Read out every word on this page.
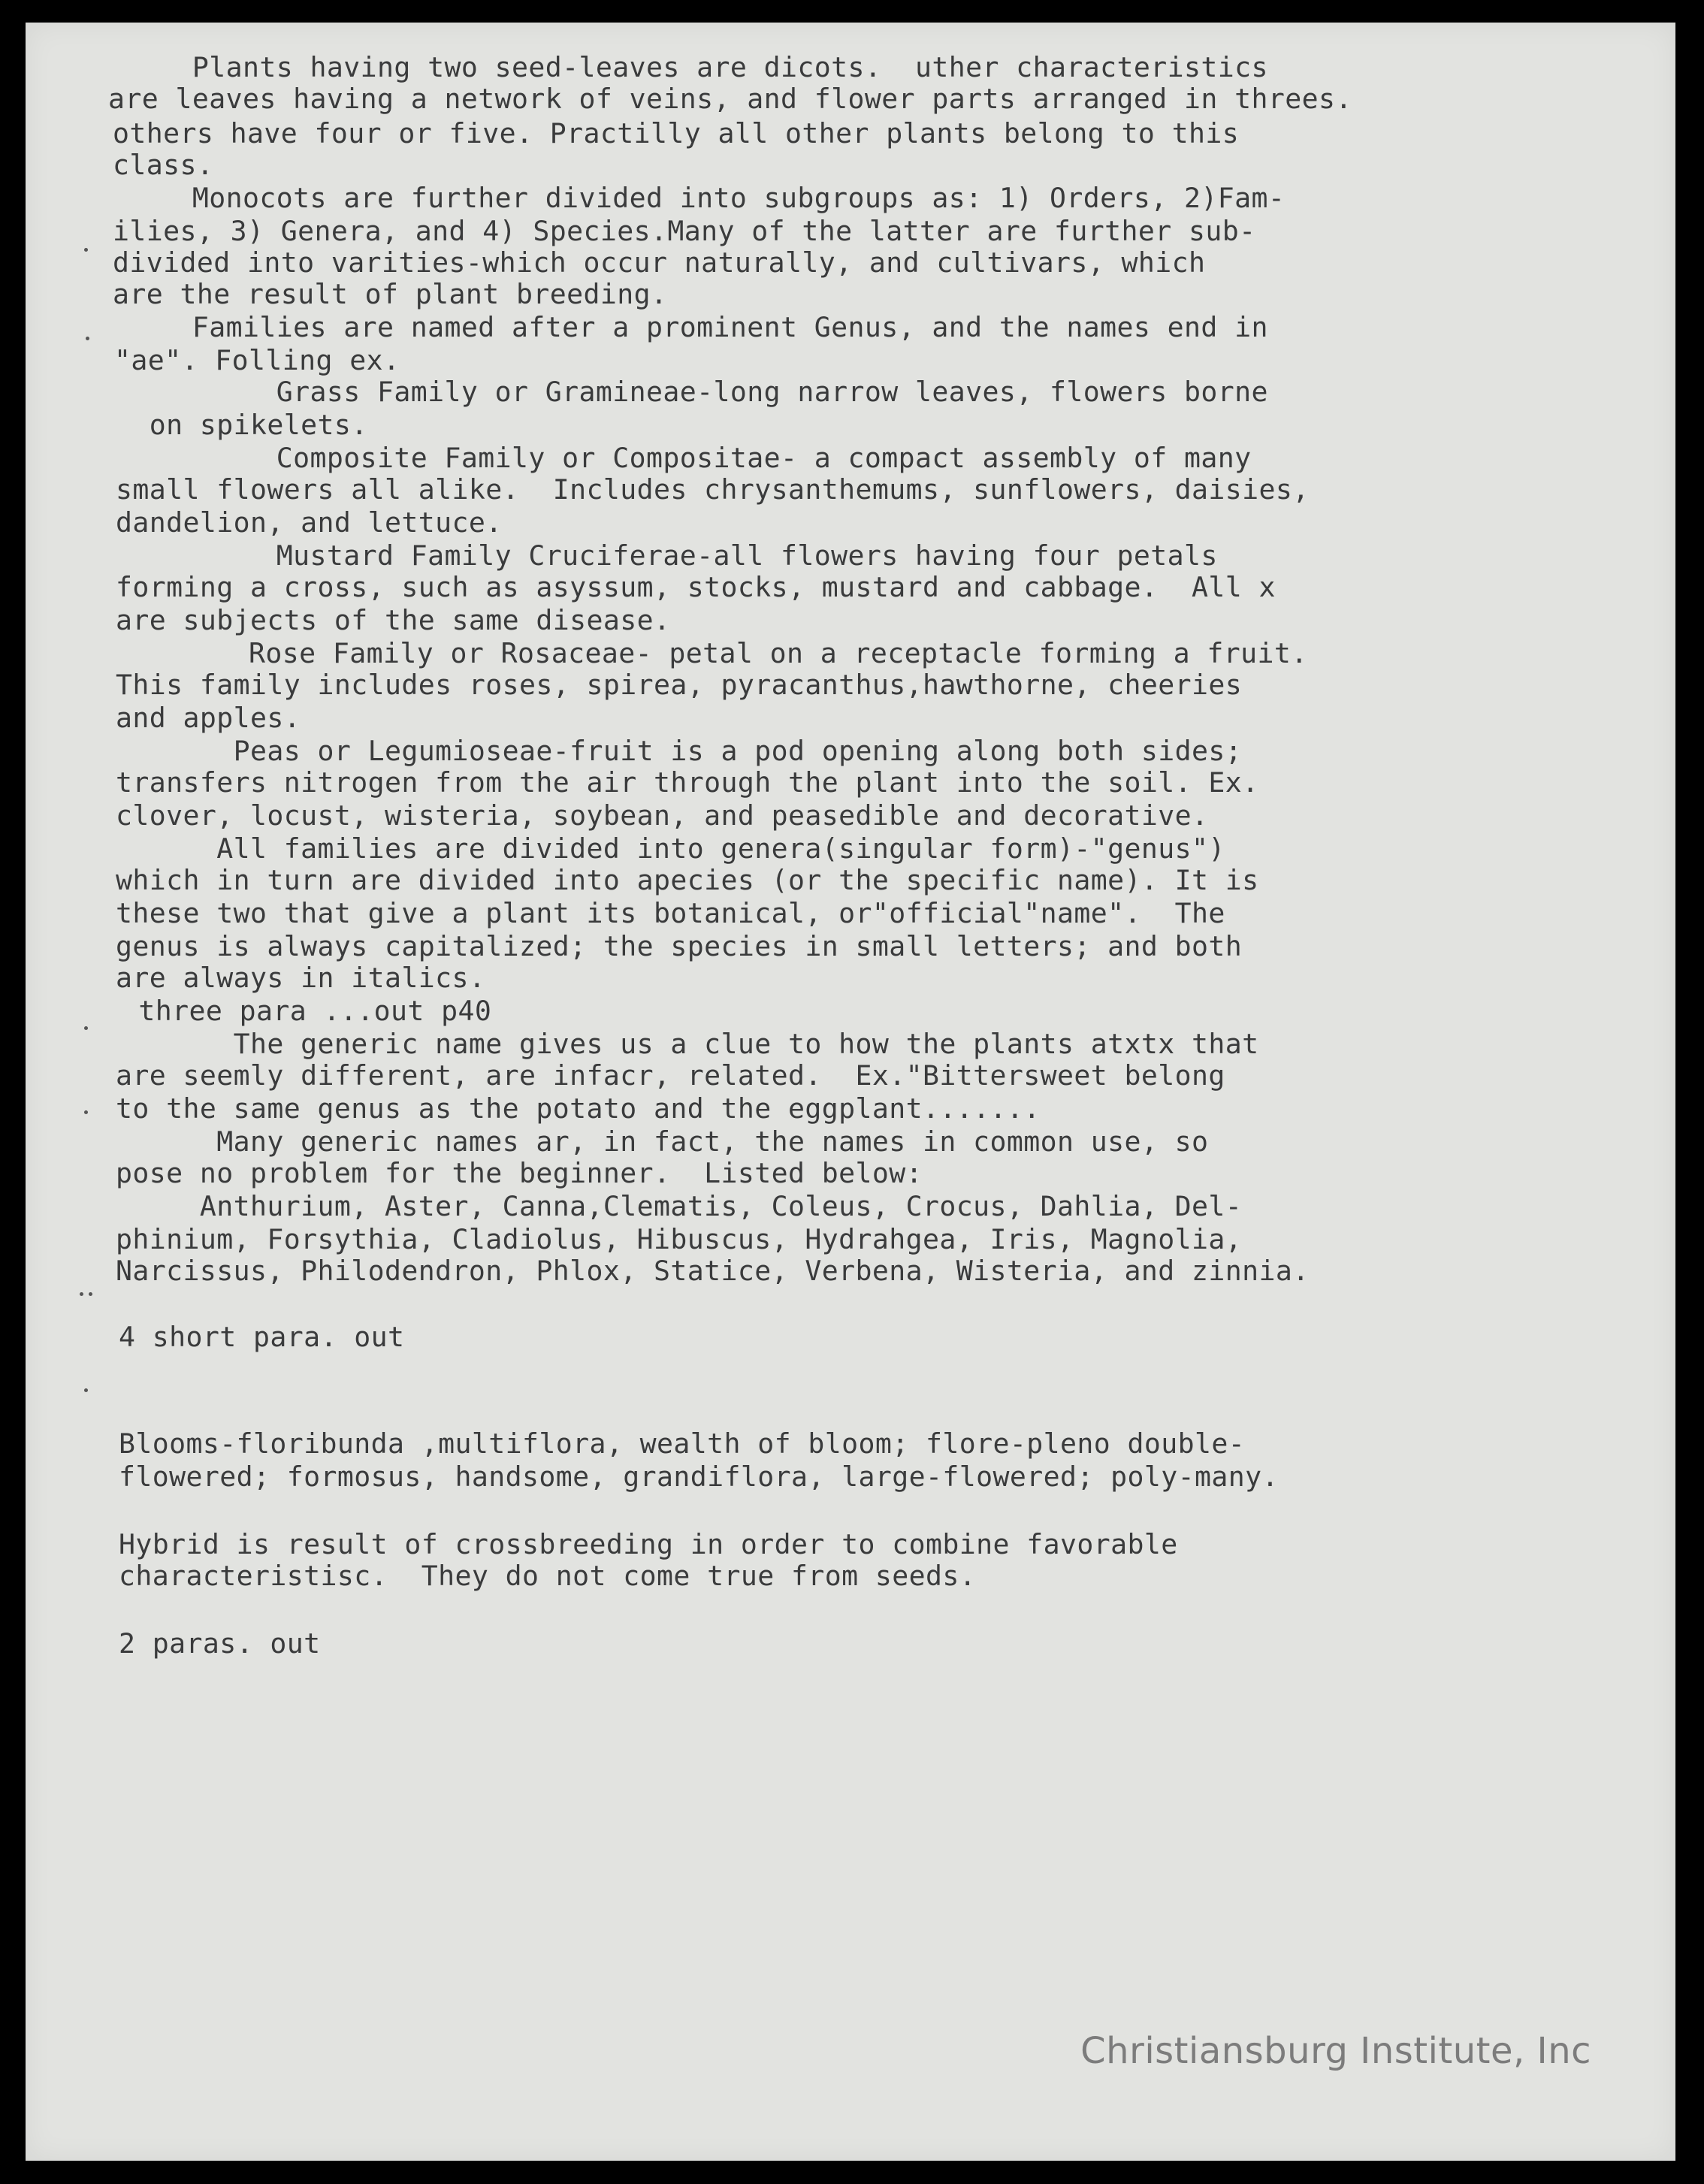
Plants having two seed-leaves are dicots.  uther characteristics

are leaves having a network of veins, and flower parts arranged in threes.

others have four or five. Practilly all other plants belong to this

class.

Monocots are further divided into subgroups as: 1) Orders, 2)Fam-

ilies, 3) Genera, and 4) Species.Many of the latter are further sub-

divided into varities-which occur naturally, and cultivars, which

are the result of plant breeding.

Families are named after a prominent Genus, and the names end in

"ae". Folling ex.

Grass Family or Gramineae-long narrow leaves, flowers borne

on spikelets.

Composite Family or Compositae- a compact assembly of many

small flowers all alike.  Includes chrysanthemums, sunflowers, daisies,

dandelion, and lettuce.

Mustard Family Cruciferae-all flowers having four petals

forming a cross, such as asyssum, stocks, mustard and cabbage.  All x

are subjects of the same disease.

Rose Family or Rosaceae- petal on a receptacle forming a fruit.

This family includes roses, spirea, pyracanthus,hawthorne, cheeries

and apples.

Peas or Legumioseae-fruit is a pod opening along both sides;

transfers nitrogen from the air through the plant into the soil. Ex.

clover, locust, wisteria, soybean, and peasedible and decorative.

All families are divided into genera(singular form)-"genus")

which in turn are divided into apecies (or the specific name). It is

these two that give a plant its botanical, or"official"name".  The

genus is always capitalized; the species in small letters; and both

are always in italics.

three para ...out p40

The generic name gives us a clue to how the plants atxtx that

are seemly different, are infacr, related.  Ex."Bittersweet belong

to the same genus as the potato and the eggplant.......

Many generic names ar, in fact, the names in common use, so

pose no problem for the beginner.  Listed below:

Anthurium, Aster, Canna,Clematis, Coleus, Crocus, Dahlia, Del-

phinium, Forsythia, Cladiolus, Hibuscus, Hydrahgea, Iris, Magnolia,

Narcissus, Philodendron, Phlox, Statice, Verbena, Wisteria, and zinnia.

4 short para. out

Blooms-floribunda ,multiflora, wealth of bloom; flore-pleno double-

flowered; formosus, handsome, grandiflora, large-flowered; poly-many.

Hybrid is result of crossbreeding in order to combine favorable

characteristisc.  They do not come true from seeds.

2 paras. out

Christiansburg Institute, Inc
